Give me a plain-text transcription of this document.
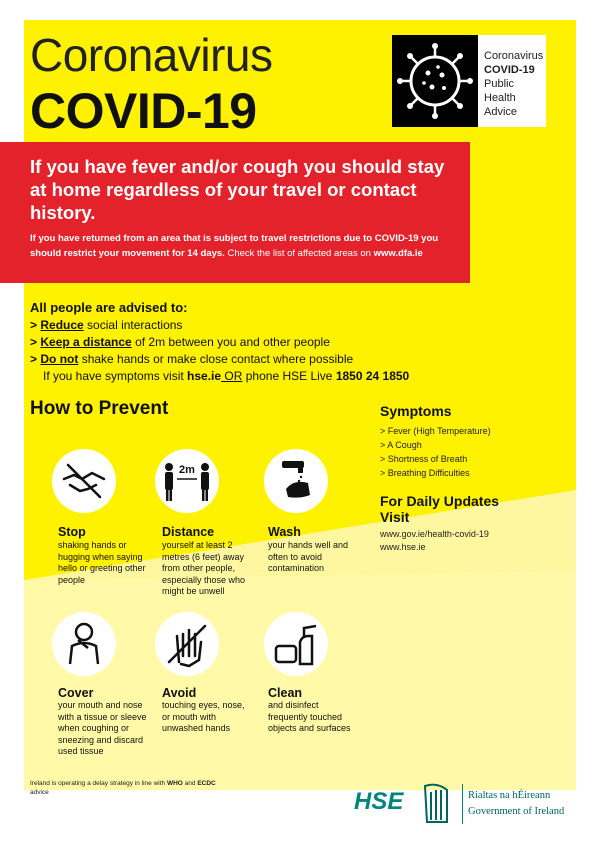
Coronavirus
COVID-19
Coronavirus

COVID-19
Public Health
Advice
If you have fever and/or cough you should stay at home regardless of your travel or contact history.
If you have returned from an area that is subject to travel restrictions due to COVID-19 you should restrict your movement for 14 days. Check the list of affected areas on www.dfa.ie
All people are advised to:
> Reduce social interactions
> Keep a distance of 2m between you and other people
> Do not shake hands or make close contact where possible
If you have symptoms visit hse.ie OR phone HSE Live 1850 24 1850
How to Prevent
2m
Stop
shaking hands or hugging when saying hello or greeting other people
Distance
yourself at least 2 metres (6 feet) away from other people, especially those who might be unwell
Wash
your hands well and often to avoid contamination
Cover
your mouth and nose with a tissue or sleeve when coughing or sneezing and discard used tissue
Avoid
touching eyes, nose, or mouth with unwashed hands
Clean
and disinfect frequently touched objects and surfaces
Symptoms
> Fever (High Temperature)
> A Cough
> Shortness of Breath
> Breathing Difficulties
For Daily Updates Visit
www.gov.ie/health-covid-19
www.hse.ie
Ireland is operating a delay strategy in line with WHO and ECDC advice	HSE	Rialtas na hÉireann
Government of Ireland
